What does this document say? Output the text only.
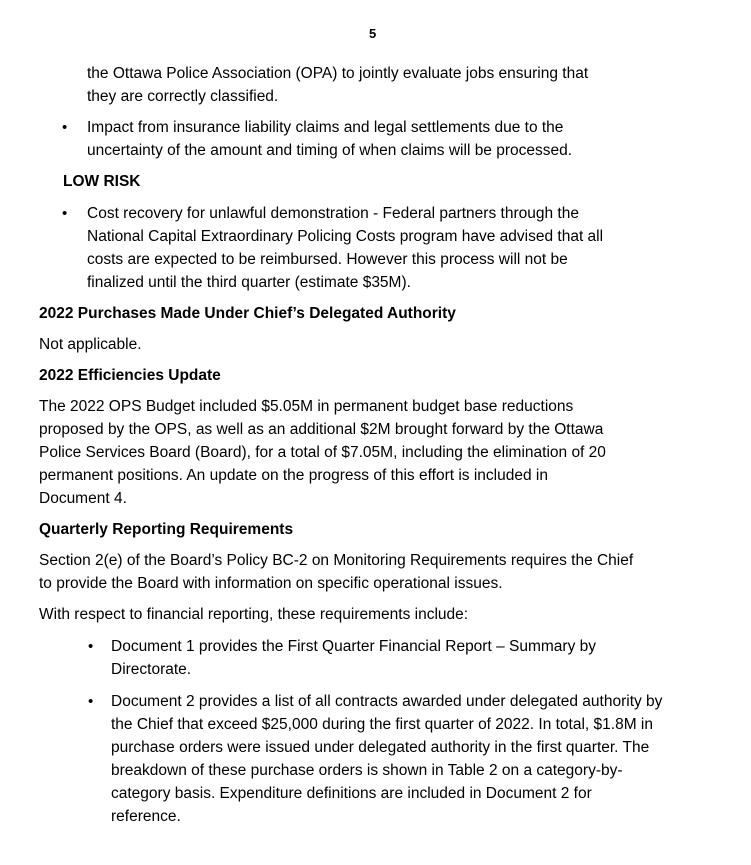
5
the Ottawa Police Association (OPA) to jointly evaluate jobs ensuring that
they are correctly classified.
• Impact from insurance liability claims and legal settlements due to the
uncertainty of the amount and timing of when claims will be processed.
LOW RISK
• Cost recovery for unlawful demonstration - Federal partners through the
National Capital Extraordinary Policing Costs program have advised that all
costs are expected to be reimbursed. However this process will not be
finalized until the third quarter (estimate $35M).
2022 Purchases Made Under Chief’s Delegated Authority
Not applicable.
2022 Efficiencies Update
The 2022 OPS Budget included $5.05M in permanent budget base reductions
proposed by the OPS, as well as an additional $2M brought forward by the Ottawa
Police Services Board (Board), for a total of $7.05M, including the elimination of 20
permanent positions. An update on the progress of this effort is included in
Document 4.
Quarterly Reporting Requirements
Section 2(e) of the Board’s Policy BC-2 on Monitoring Requirements requires the Chief
to provide the Board with information on specific operational issues.
With respect to financial reporting, these requirements include:
• Document 1 provides the First Quarter Financial Report – Summary by
Directorate.
• Document 2 provides a list of all contracts awarded under delegated authority by
the Chief that exceed $25,000 during the first quarter of 2022. In total, $1.8M in
purchase orders were issued under delegated authority in the first quarter. The
breakdown of these purchase orders is shown in Table 2 on a category-by-
category basis. Expenditure definitions are included in Document 2 for
reference.
